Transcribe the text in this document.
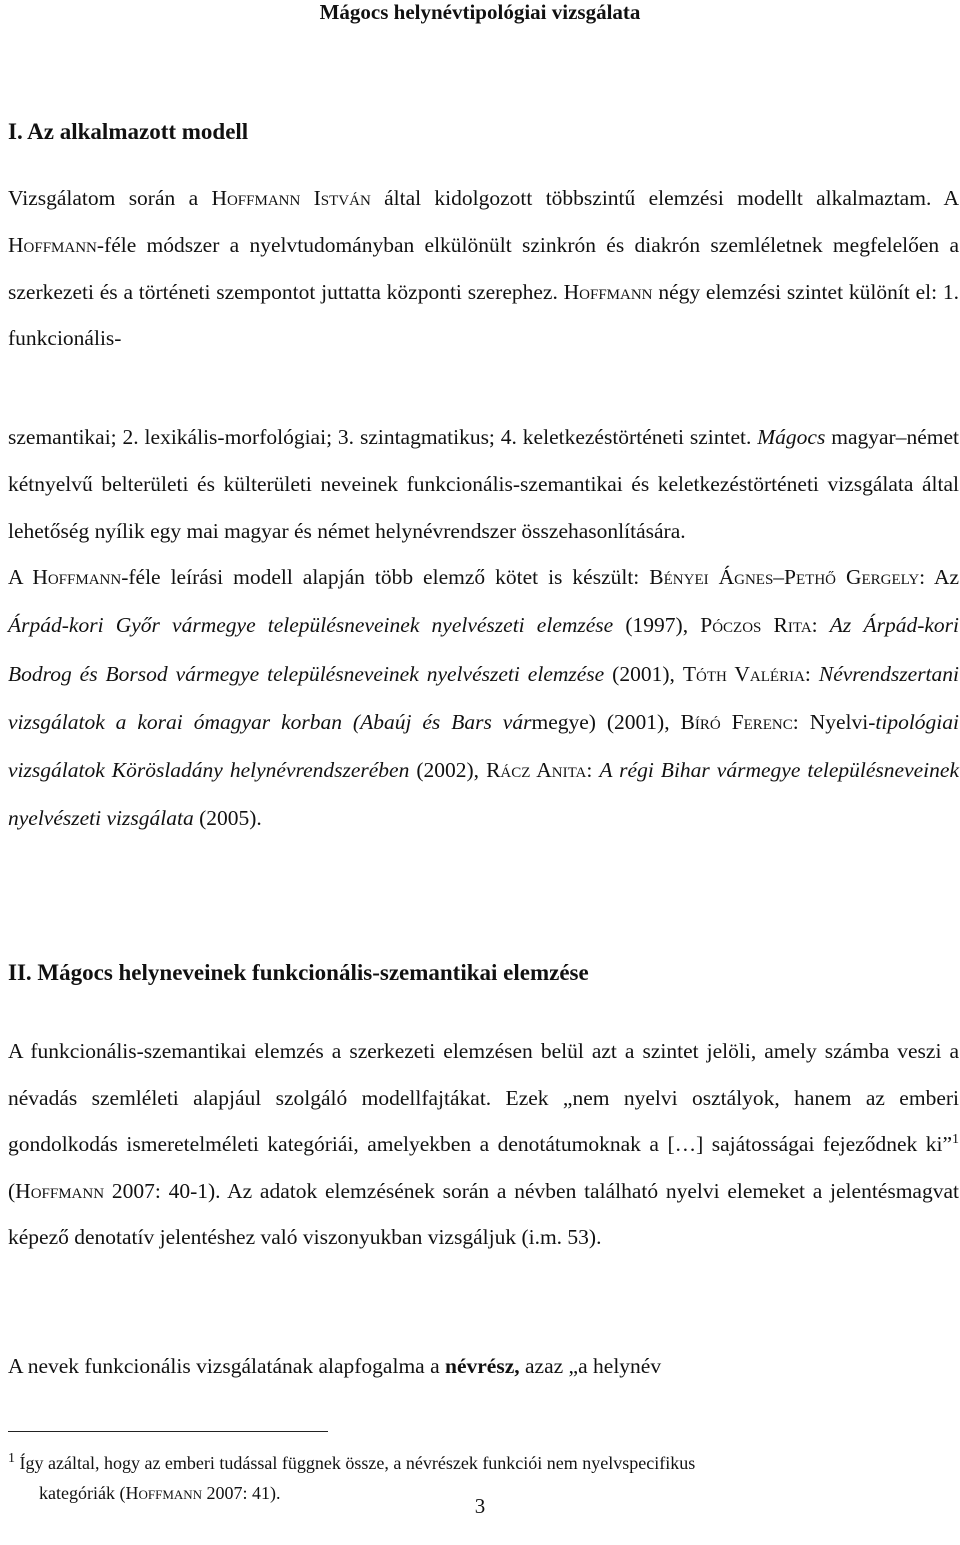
Mágocs helynévtipológiai vizsgálata
I. Az alkalmazott modell
Vizsgálatom során a Hoffmann István által kidolgozott többszintű elemzési modellt alkalmaztam. A Hoffmann-féle módszer a nyelvtudományban elkülönült szinkrón és diakrón szemléletnek megfelelően a szerkezeti és a történeti szempontot juttatta központi szerephez. Hoffmann négy elemzési szintet különít el: 1. funkcionális-
szemantikai; 2. lexikális-morfológiai; 3. szintagmatikus; 4. keletkezéstörténeti szintet. Mágocs magyar–német kétnyelvű belterületi és külterületi neveinek funkcionális-szemantikai és keletkezéstörténeti vizsgálata által lehetőség nyílik egy mai magyar és német helynévrendszer összehasonlítására.
A Hoffmann-féle leírási modell alapján több elemző kötet is készült: Bényei Ágnes–Pethő Gergely: Az Árpád-kori Győr vármegye településneveinek nyelvészeti elemzése (1997), Póczos Rita: Az Árpád-kori Bodrog és Borsod vármegye településneveinek nyelvészeti elemzése (2001), Tóth Valéria: Névrendszertani vizsgálatok a korai ómagyar korban (Abaúj és Bars vármegye) (2001), Bíró Ferenc: Nyelvi-tipológiai vizsgálatok Körösladány helynévrendszerében (2002), Rácz Anita: A régi Bihar vármegye településneveinek nyelvészeti vizsgálata (2005).
II. Mágocs helyneveinek funkcionális-szemantikai elemzése
A funkcionális-szemantikai elemzés a szerkezeti elemzésen belül azt a szintet jelöli, amely számba veszi a névadás szemléleti alapjául szolgáló modellfajtákat. Ezek „nem nyelvi osztályok, hanem az emberi gondolkodás ismeretelméleti kategóriái, amelyekben a denotátumoknak a […] sajátosságai fejeződnek ki”$^1$ (Hoffmann 2007: 40-1). Az adatok elemzésének során a névben található nyelvi elemeket a jelentésmagvat képező denotatív jelentéshez való viszonyukban vizsgáljuk (i.m. 53).
A nevek funkcionális vizsgálatának alapfogalma a névrész, azaz „a helynév
$^1$ Így azáltal, hogy az emberi tudással függnek össze, a névrészek funkciói nem nyelvspecifikus
kategóriák (Hoffmann 2007: 41).
3
